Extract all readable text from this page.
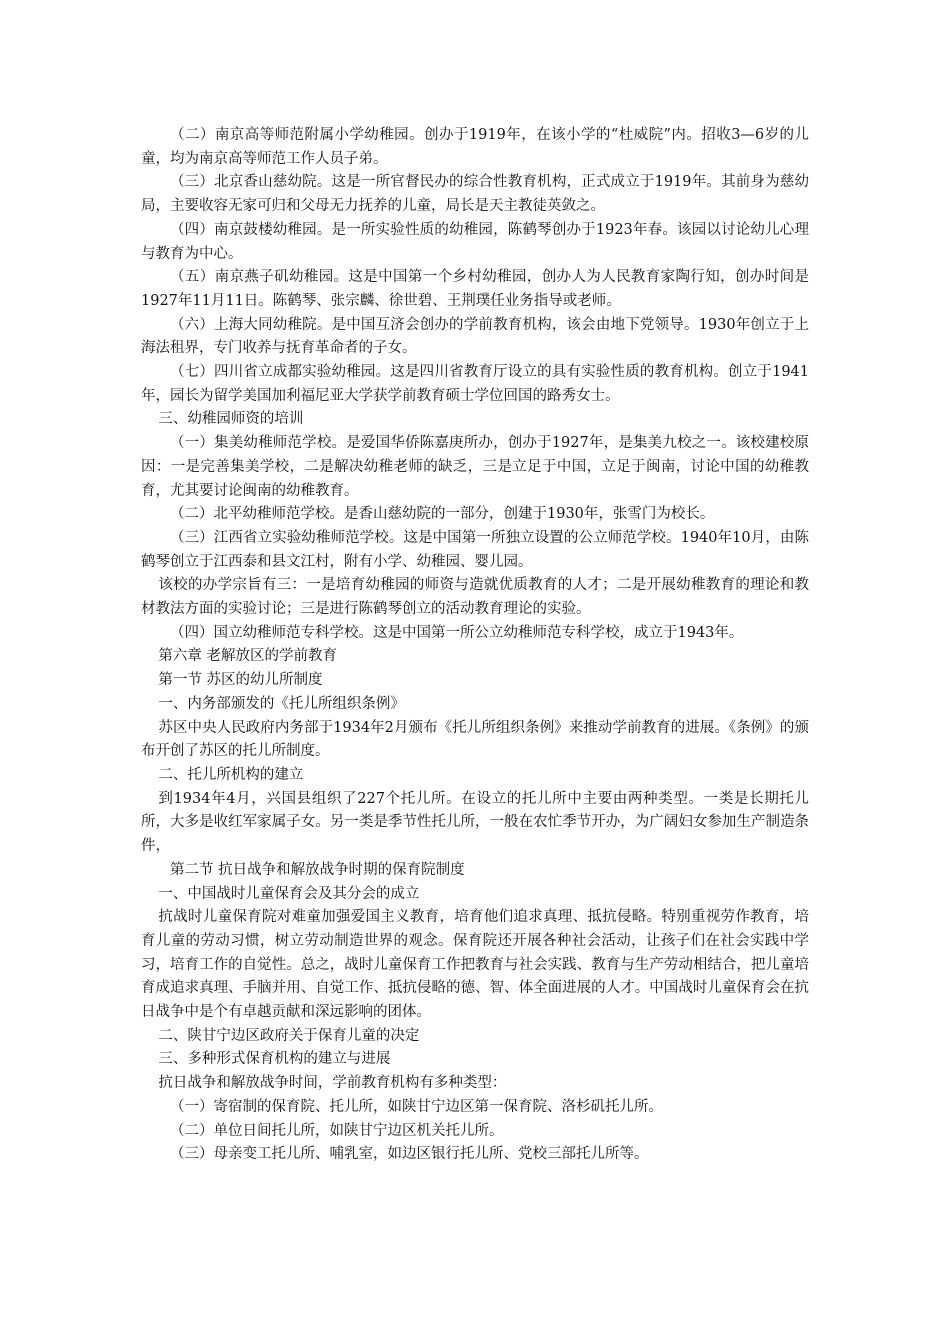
（二）南京高等师范附属小学幼稚园。创办于1919年，在该小学的“杜威院”内。招收3—6岁的儿童，均为南京高等师范工作人员子弟。

（三）北京香山慈幼院。这是一所官督民办的综合性教育机构，正式成立于1919年。其前身为慈幼局，主要收容无家可归和父母无力抚养的儿童，局长是天主教徒英敛之。

（四）南京鼓楼幼稚园。是一所实验性质的幼稚园，陈鹤琴创办于1923年春。该园以讨论幼儿心理与教育为中心。

（五）南京燕子矶幼稚园。这是中国第一个乡村幼稚园，创办人为人民教育家陶行知，创办时间是1927年11月11日。陈鹤琴、张宗麟、徐世碧、王荆璞任业务指导或老师。

（六）上海大同幼稚院。是中国互济会创办的学前教育机构，该会由地下党领导。1930年创立于上海法租界，专门收养与抚育革命者的子女。

（七）四川省立成都实验幼稚园。这是四川省教育厅设立的具有实验性质的教育机构。创立于1941年，园长为留学美国加利福尼亚大学获学前教育硕士学位回国的路秀女士。

三、幼稚园师资的培训

（一）集美幼稚师范学校。是爱国华侨陈嘉庚所办，创办于1927年，是集美九校之一。该校建校原因：一是完善集美学校，二是解决幼稚老师的缺乏，三是立足于中国，立足于闽南，讨论中国的幼稚教育，尤其要讨论闽南的幼稚教育。

（二）北平幼稚师范学校。是香山慈幼院的一部分，创建于1930年，张雪门为校长。

（三）江西省立实验幼稚师范学校。这是中国第一所独立设置的公立师范学校。1940年10月，由陈鹤琴创立于江西泰和县文江村，附有小学、幼稚园、婴儿园。

该校的办学宗旨有三：一是培育幼稚园的师资与造就优质教育的人才；二是开展幼稚教育的理论和教材教法方面的实验讨论；三是进行陈鹤琴创立的活动教育理论的实验。

（四）国立幼稚师范专科学校。这是中国第一所公立幼稚师范专科学校，成立于1943年。

第六章 老解放区的学前教育

第一节 苏区的幼儿所制度

一、内务部颁发的《托儿所组织条例》

苏区中央人民政府内务部于1934年2月颁布《托儿所组织条例》来推动学前教育的进展。《条例》的颁布开创了苏区的托儿所制度。

二、托儿所机构的建立

到1934年4月，兴国县组织了227个托儿所。在设立的托儿所中主要由两种类型。一类是长期托儿所，大多是收红军家属子女。另一类是季节性托儿所，一般在农忙季节开办，为广阔妇女参加生产制造条件，

第二节 抗日战争和解放战争时期的保育院制度

一、中国战时儿童保育会及其分会的成立

抗战时儿童保育院对难童加强爱国主义教育，培育他们追求真理、抵抗侵略。特别重视劳作教育，培育儿童的劳动习惯，树立劳动制造世界的观念。保育院还开展各种社会活动，让孩子们在社会实践中学习，培育工作的自觉性。总之，战时儿童保育工作把教育与社会实践、教育与生产劳动相结合，把儿童培育成追求真理、手脑并用、自觉工作、抵抗侵略的德、智、体全面进展的人才。中国战时儿童保育会在抗日战争中是个有卓越贡献和深远影响的团体。

二、陕甘宁边区政府关于保育儿童的决定

三、多种形式保育机构的建立与进展

抗日战争和解放战争时间，学前教育机构有多种类型：

（一）寄宿制的保育院、托儿所，如陕甘宁边区第一保育院、洛杉矶托儿所。

（二）单位日间托儿所，如陕甘宁边区机关托儿所。

（三）母亲变工托儿所、哺乳室，如边区银行托儿所、党校三部托儿所等。
